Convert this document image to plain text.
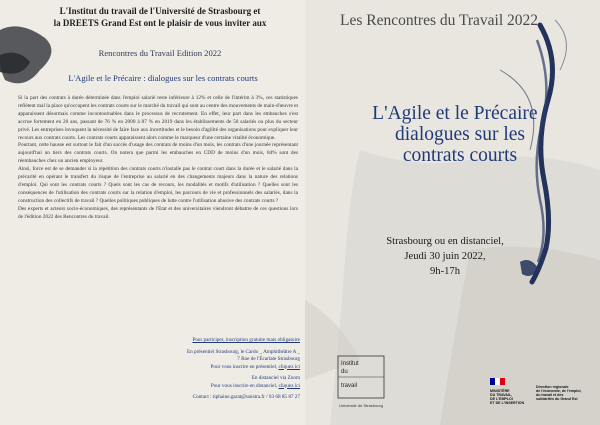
L'Institut du travail de l'Université de Strasbourg et
la DREETS Grand Est ont le plaisir de vous inviter aux
Rencontres du Travail Edition 2022
L'Agile et le Précaire : dialogues sur les contrats courts

Si la part des contrats à durée déterminée dans l'emploi salarié reste inférieure à 12% et celle de l'intérim à 3%, ces statistiques reflètent mal la place qu'occupent les contrats courts sur le marché du travail qui sont au centre des mouvements de main-d'œuvre et apparaissent désormais comme incontournables dans le processus de recrutement. En effet, leur part dans les embauches s'est accrue fortement en 20 ans, passant de 76 % en 2000 à 87 % en 2019 dans les établissements de 50 salariés ou plus du secteur privé. Les entreprises invoquent la nécessité de faire face aux incertitudes et le besoin d'agilité des organisations pour expliquer leur recours aux contrats courts. Les contrats courts apparaissent alors comme le marqueur d'une certaine vitalité économique.

Pourtant, cette hausse est surtout le fait d'un succès d'usage des contrats de moins d'un mois, les contrats d'une journée représentant aujourd'hui un tiers des contrats courts. On notera que parmi les embauches en CDD de moins d'un mois, 84% sont des réembauches chez un ancien employeur.

Ainsi, force est de se demander si la répétition des contrats courts n'installe pas le contrat court dans la durée et le salarié dans la précarité en opérant le transfert du risque de l'entreprise au salarié en des changements majeurs dans la nature des relations d'emploi. Qui sont les contrats courts ? Quels sont les cas de recours, les modalités et motifs d'utilisation ? Quelles sont les conséquences de l'utilisation des contrats courts sur la relation d'emploi, les parcours de vie et professionnels des salariés, dans la construction des collectifs de travail ? Quelles politiques publiques de lutte contre l'utilisation abusive des contrats courts ?

Des experts et acteurs socio-économiques, des représentants de l'Etat et des universitaires viendront débattre de ces questions lors de l'édition 2022 des Rencontres du travail.

Pour participer, inscription gratuite mais obligatoire
En présentiel Strasbourg, le Cardo _ Amphithéâtre A _
7 Rue de l'Écarlate Strasbourg
Pour vous inscrire en présentiel, cliquez ici
En distanciel via Zoom
Pour vous inscrire en distanciel, cliquez ici
Contact : tiphaine.garat@unistra.fr / 03 68 85 87 27
Les Rencontres du Travail 2022
L'Agile et le Précaire :
dialogues sur les
contrats courts
Strasbourg ou en distanciel,
Jeudi 30 juin 2022,
9h-17h
Institut
du
travail
Université de Strasbourg
MINISTÈRE
DU TRAVAIL,
DE L'EMPLOI
ET DE L'INSERTION
Direction régionale
de l'économie, de l'emploi,
du travail et des
solidarités du Grand Est
